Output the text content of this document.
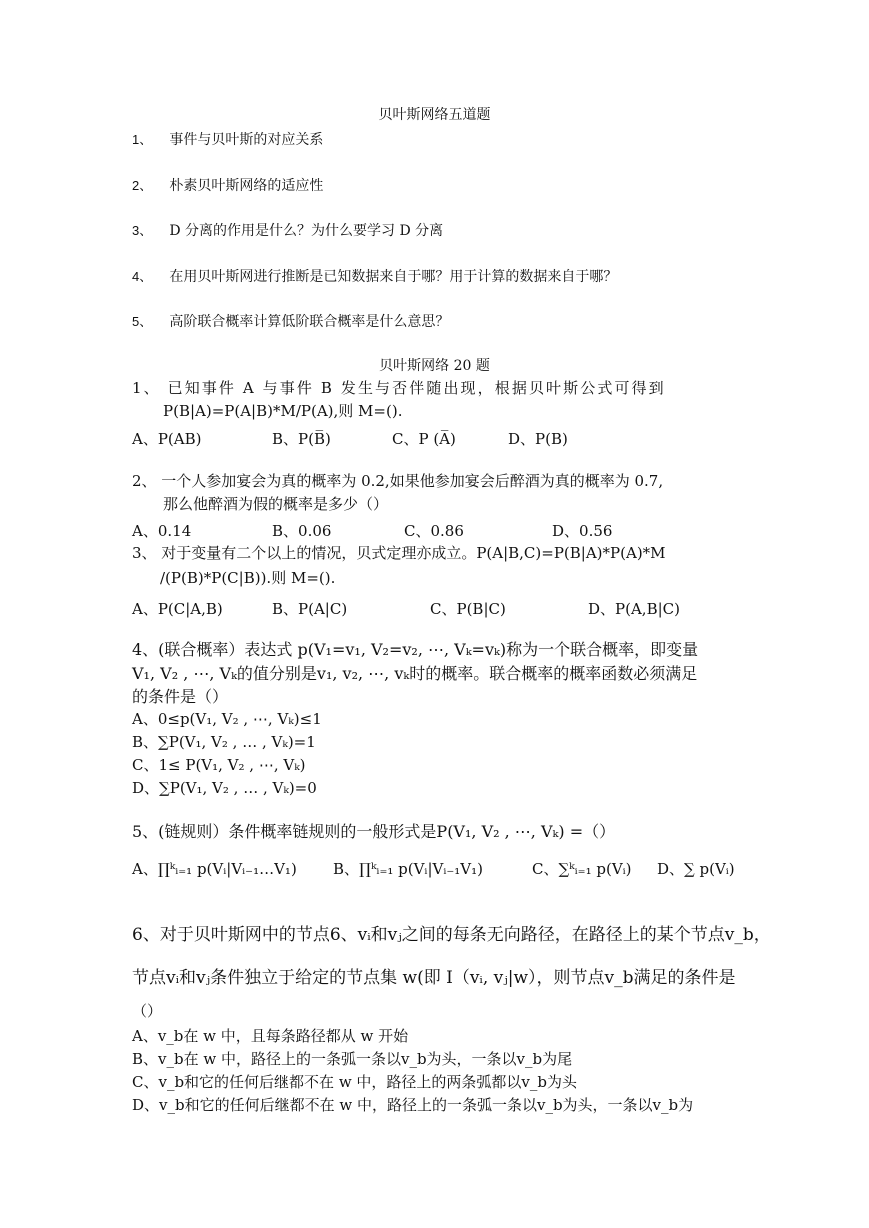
贝叶斯网络五道题
1、 事件与贝叶斯的对应关系
2、 朴素贝叶斯网络的适应性
3、 D 分离的作用是什么？为什么要学习 D 分离
4、 在用贝叶斯网进行推断是已知数据来自于哪？用于计算的数据来自于哪？
5、 高阶联合概率计算低阶联合概率是什么意思？
贝叶斯网络 20 题
1、 已知事件 A 与事件 B 发生与否伴随出现，根据贝叶斯公式可得到
P(B|A)=P(A|B)*M/P(A),则 M=().
A、P(AB)	B、P(B̅)	C、P (A̅)	D、P(B)
2、 一个人参加宴会为真的概率为 0.2,如果他参加宴会后醉酒为真的概率为 0.7,
那么他醉酒为假的概率是多少（）
A、0.14	B、0.06	C、0.86	D、0.56
3、 对于变量有二个以上的情况，贝式定理亦成立。P(A|B,C)=P(B|A)*P(A)*M
/(P(B)*P(C|B)).则 M=().
A、P(C|A,B)	B、P(A|C)	C、P(B|C)	D、P(A,B|C)
4、(联合概率）表达式 p(V₁=v₁, V₂=v₂, ⋯, Vₖ=vₖ)称为一个联合概率，即变量
V₁, V₂ , ⋯, Vₖ的值分别是v₁, v₂, ⋯, vₖ时的概率。联合概率的概率函数必须满足
的条件是（）
A、0≤p(V₁, V₂ , ⋯, Vₖ)≤1
B、∑P(V₁, V₂ , … , Vₖ)=1
C、1≤ P(V₁, V₂ , ⋯, Vₖ)
D、∑P(V₁, V₂ , … , Vₖ)=0
5、(链规则）条件概率链规则的一般形式是P(V₁, V₂ , ⋯, Vₖ) =（）
A、∏ᵏᵢ₌₁ p(Vᵢ|Vᵢ₋₁…V₁) B、∏ᵏᵢ₌₁ p(Vᵢ|Vᵢ₋₁V₁)	C、∑ᵏᵢ₌₁ p(Vᵢ) D、∑ p(Vᵢ)
6、对于贝叶斯网中的节点6、vᵢ和vⱼ之间的每条无向路径，在路径上的某个节点v_b，
节点vᵢ和vⱼ条件独立于给定的节点集 w(即 I（vᵢ, vⱼ|w），则节点v_b满足的条件是
（）
A、v_b在 w 中，且每条路径都从 w 开始
B、v_b在 w 中，路径上的一条弧一条以v_b为头，一条以v_b为尾
C、v_b和它的任何后继都不在 w 中，路径上的两条弧都以v_b为头
D、v_b和它的任何后继都不在 w 中，路径上的一条弧一条以v_b为头，一条以v_b为
